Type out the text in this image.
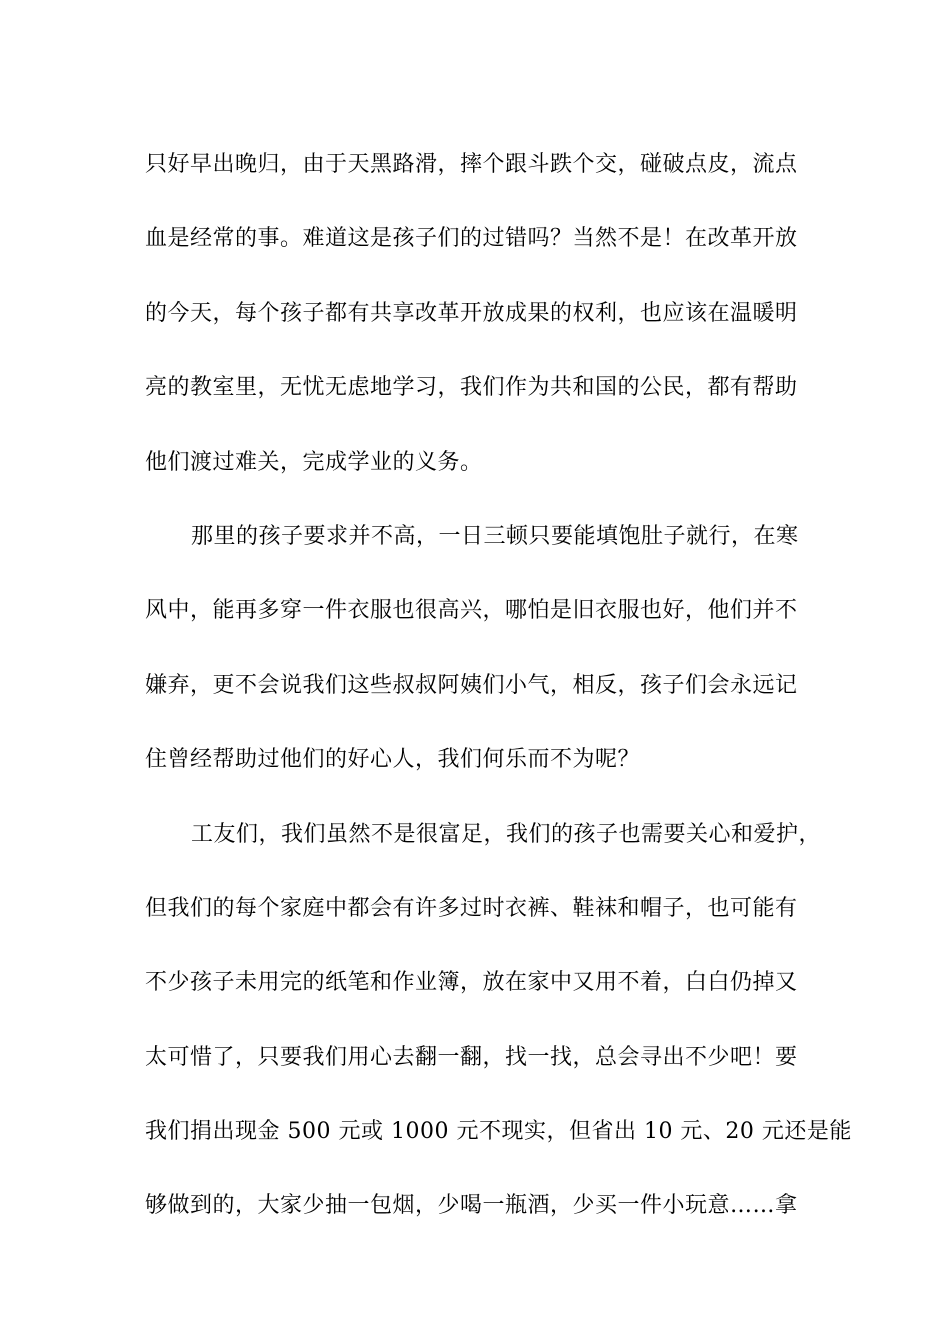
只好早出晚归，由于天黑路滑，摔个跟斗跌个交，碰破点皮，流点
血是经常的事。难道这是孩子们的过错吗？当然不是！在改革开放
的今天，每个孩子都有共享改革开放成果的权利，也应该在温暖明
亮的教室里，无忧无虑地学习，我们作为共和国的公民，都有帮助
他们渡过难关，完成学业的义务。
那里的孩子要求并不高，一日三顿只要能填饱肚子就行，在寒
风中，能再多穿一件衣服也很高兴，哪怕是旧衣服也好，他们并不
嫌弃，更不会说我们这些叔叔阿姨们小气，相反，孩子们会永远记
住曾经帮助过他们的好心人，我们何乐而不为呢？
工友们，我们虽然不是很富足，我们的孩子也需要关心和爱护，
但我们的每个家庭中都会有许多过时衣裤、鞋袜和帽子，也可能有
不少孩子未用完的纸笔和作业簿，放在家中又用不着，白白仍掉又
太可惜了，只要我们用心去翻一翻，找一找，总会寻出不少吧！要
我们捐出现金 500 元或 1000 元不现实，但省出 10 元、20 元还是能
够做到的，大家少抽一包烟，少喝一瓶酒，少买一件小玩意……拿
